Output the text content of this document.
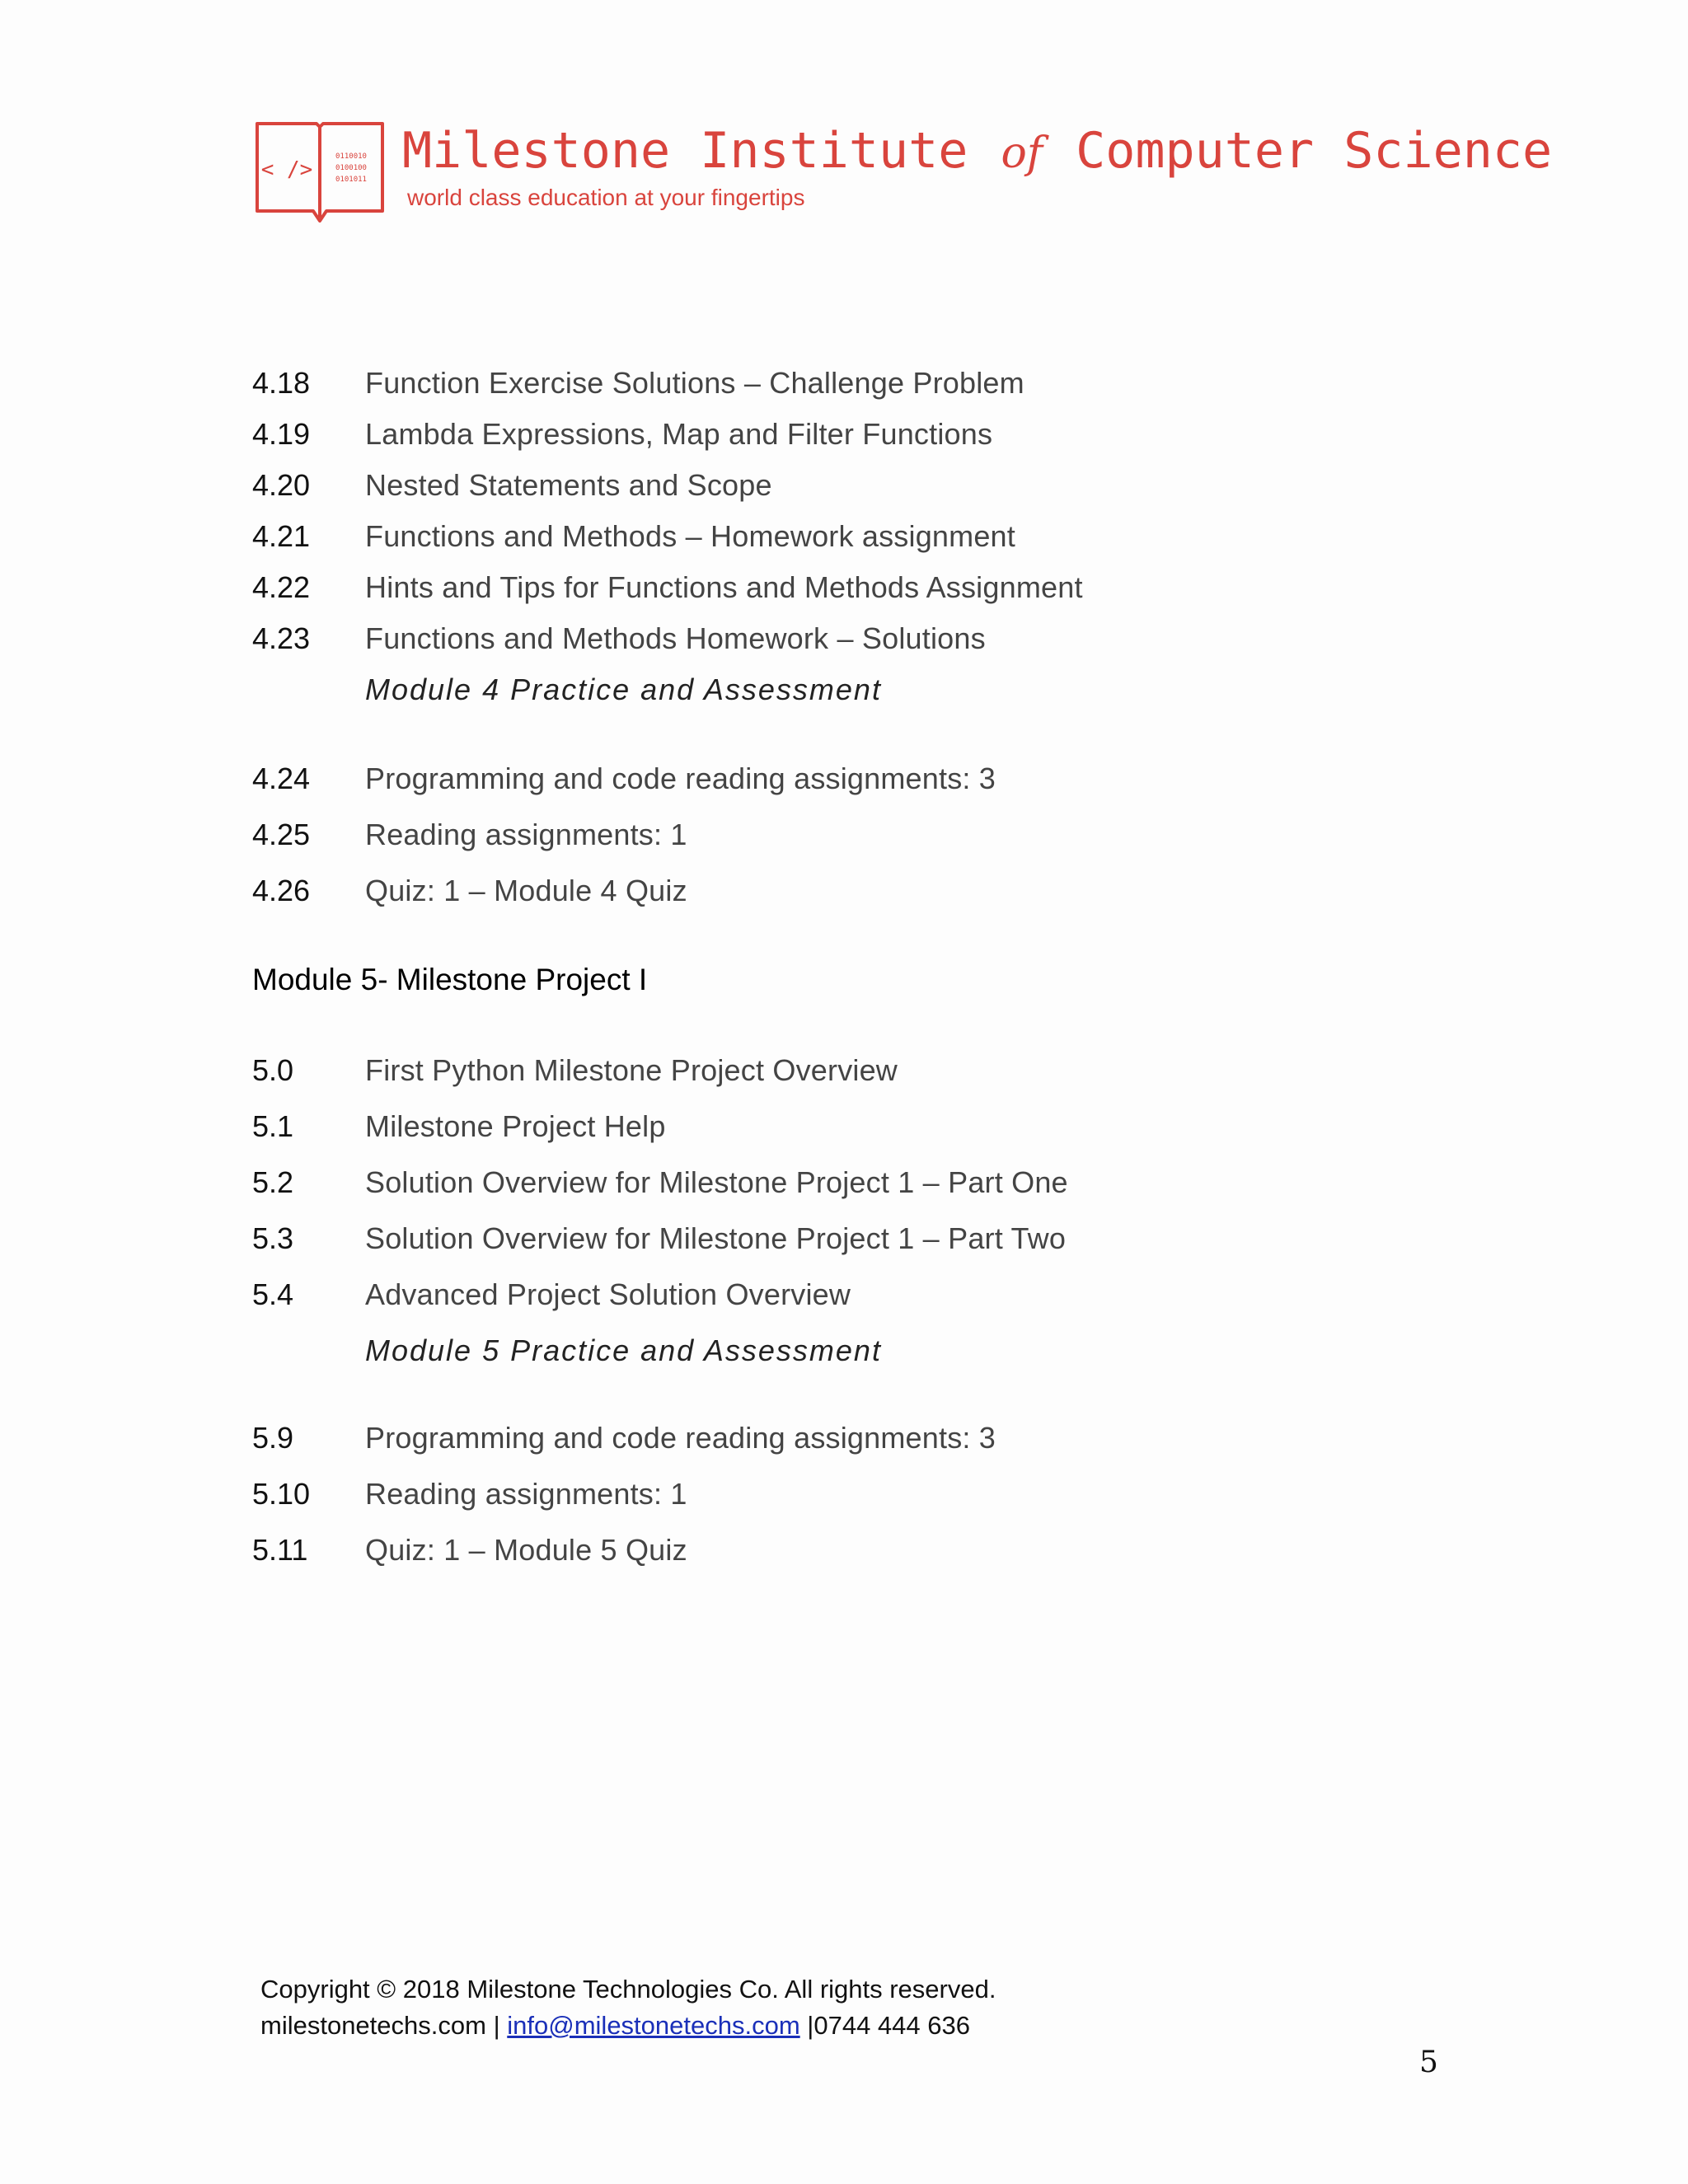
< />
0110010
0100100
0101011 Milestone Institute of Computer Science
world class education at your fingertips
4.18 Function Exercise Solutions – Challenge Problem
4.19 Lambda Expressions, Map and Filter Functions
4.20 Nested Statements and Scope
4.21 Functions and Methods – Homework assignment
4.22 Hints and Tips for Functions and Methods Assignment
4.23 Functions and Methods Homework – Solutions
Module 4 Practice and Assessment
4.24 Programming and code reading assignments: 3
4.25 Reading assignments: 1
4.26 Quiz: 1 – Module 4 Quiz
Module 5- Milestone Project I
5.0 First Python Milestone Project Overview
5.1 Milestone Project Help
5.2 Solution Overview for Milestone Project 1 – Part One
5.3 Solution Overview for Milestone Project 1 – Part Two
5.4 Advanced Project Solution Overview
Module 5 Practice and Assessment
5.9 Programming and code reading assignments: 3
5.10 Reading assignments: 1
5.11 Quiz: 1 – Module 5 Quiz
Copyright © 2018 Milestone Technologies Co. All rights reserved.
milestonetechs.com | info@milestonetechs.com |0744 444 636
5
